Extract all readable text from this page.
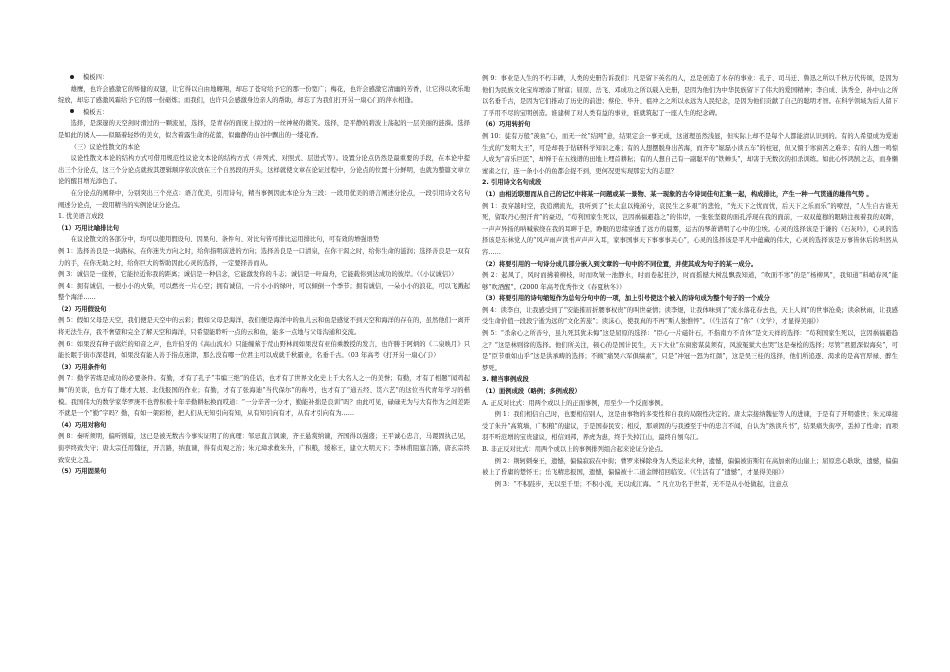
模板四：

雄鹰，也许会感激它的矫健的双翅，让它得以自由地翱翔，却忘了苍穹给予它的那一份宽广；梅花，也许会感激它清幽的芳香，让它得以欢乐地绽放，却忘了感激风霜给予它的那一份砺炼；而我们，也许只会感激身边亲人的帮助，却忘了为我们打开另一扇心门的萍水相逢。

模板五：

选择，是深邃的天空剑时滑过的一颗流星，选择，是青春的面庞上掠过的一丝神秘的微笑。选择，是平静的碧波上荡起的一层美丽的涟漪。选择是如此的诱人——似隔着轻纱的美女，似含着露生命的花蕾，似幽静的山谷中飘出的一缕花香。

（三）议论性散文的本论

议论性散文本论的结构方式可借用规范性议论文本论的结构方式（并列式、对照式、层进式等）。设置分论点仍然是最重要的手段，在本论中提出三个分论点，这三个分论点就按其逻辑顺序依次放在三个自然段的开头，这样就使文章在论证过程中，分论点的位置十分鲜明，也就为整篇文章立论的醒目增光添色了。

在分论点的阐释中，分别突出三个亮点：语言优美，引用诗句，精当事例因此本论分为三段：一段用优美的语言阐述分论点，一段引用诗文名句阐述分论点，一段用精当的实例论证分论点。

1. 优美语言成段

（1）巧用比喻排比句

在议论散文的各部分中，均可以使用假设句、因果句、条件句、对比句皆可排比运用排比句，可有效的增强语势

例 1：选择善良是一块路标，在你迷失方向之时，给你指明前进的方向；选择善良是一口清泉，在你干渴之时，给你生命的滋润；选择善良是一双有力的手，在你无助之时，给你巨大的帮助因此心灵的选择，一定要择善而从。

例 3：诚信是一座桥，它能拉近你我的距离；诚信是一种信念，它能激发你的斗志；诚信是一叶扁舟，它能载你到达成功的彼岸。（《小议诚信》）

例 4：拥有诚信，一根小小的火柴，可以燃亮一片心空；拥有诚信，一片小小的绿叶，可以倾倒一个季节；拥有诚信，一朵小小的浪花，可以飞溅起整个海洋……

（2）巧用假设句

例 5：假如父母是天空，我们便是天空中的云彩；假如父母是海洋，我们便是海洋中的鱼儿云和鱼是感觉不到天空和海洋的存在的，虽然他们一离开将无法生存，我不奢望和完全了解天空和海洋，只希望能聆听一点的云和鱼，能多一点地与父母沟通和交流。

例 6：如果没有种子腐烂的知音之声，也许伯牙的《高山流水》只能缠萦于荒山野林间如果没有亚伯乘教授的发言，也许勝于阿炳的《二泉映月》只能长眠于街市深巷间，如果没有能人善于指点迷津，那么没有哪一位君主可以成就千秋霸业，名垂千古。（03 年高考《打开另一扇心门》）

（3）巧用条件句

例 7：勤学苦练是成功的必要条件。有勤，才有了孔子“韦编三绝”的佳话，也才有了世界文化史上千大名人之一的美誉；有勤，才有了相题“闻鸡起舞”的美谈，也方有了雄才大展、北伐报国的作业；有勤，才有了张海迪“当代保尔”的称号，也才有了“通五经、贯六艺”的这位当代青年学习的楷模。我国伟大的数学家华罗庚不也曾积极十年辛勤耕耘换而哎道：“一分辛苦一分才，勤能补拙是良训”吗？由此可见，碌碌无为与大有作为之间差距不就是一个“勤”字吗？勤，有如一架彩桥，把人们从无知引向有知，从有知引向有才，从有才引向有为……

（4）巧用对称句

例 8：秦听须明，偏听则暗，这已是被无数古今事实证明了的真理：邹忌直言讽谏，齐王悬赏纳谏，齐国得以强盛；王平诚心忠言，马谡固执己见，街亭终致失守；唐太宗任用魏征，开言路，纳直谏，得有贞观之治；朱元璋求救朱升，广积粮，缓称王，建立大明天下；李林甫阻塞言路，唐玄宗终致安史之乱。

（5）巧用固果句

例 9：事业是人生的不朽丰碑，人类的史册告诉我们：凡是留下英名的人，总是创造了水存的事业：孔子、司马迁、鲁迅之所以千秋万代传颂，是因为他们为民族文化宝库增添了财富；屈原、岳飞、邓成功之所以载入史册，是因为他们为中华民族留下了伟大的爱国精神；李自成、洪秀全、孙中山之所以名垂千古，是因为它们推动了历史的前进；蔡伦、毕升、祖冲之之所以永远为人民纪念，是因为他们贡献了自己的聪明才智。在科学领域为后人留下了孚用不尽的宝明创造。谁建树了对人类有益的事业，谁就筑起了一座人生的纪念碑。

（6）巧用转折句

例 10：徒有万般“羡鱼”心，而无一丝“结网”意，结果定会一事无成，这道理虽然浅显，但实际上却不是每个人都能清认识到的。有的人希望成为爱迪生式的“发明大王”，可是却畏于钻研科学知识之难；有的人想摆脱身出苦海，而齐专“堀磊小读五车”的柱冠，但又慑于寒窗苦之难辛；有的人想一鸣惊人成为“音乐巨匠”，却惮于在五线谱的田地上埋首耕耘；有的人想自己有一副聪平的“铁蝉头”，却害于无数次的扣杀训练。如此心怀鸿鹄之志，而身懒蜜雀之行，连一条小小的鱼都会捉不到，更何况更实现那宏大的志愿？

2. 引用诗文名句成段

（1）由相近联想而从自己的记忆中将某一问题或某一景物、某一现象的古今诗词佳句汇集一起，构成排比，产生一种一气贯通的雄伟气势 。

例 1：我穿越时空，我追溯流光，我听到了“长太息以掩涕兮，哀民生之多艰”的悲怆，“先天下之忧而忧，后天下之乐而乐”的嘹涅，“人生自古谁无死，留取丹心照汗青”的豪迈，“苟利国家生死以，岂因祸福避趋之”的伟岸，一张张坚毅的面孔浮现在我的面前，一双双蕴穆的眼睛注视着我的双眸，一声声异扬的呐喊萦绕在我的耳畔于是，睁眼的思绪穿透了远方的晨雾，运古的琴萧谱明了心中的尘埃。心灵的选择该是于谦的《石灰吟》，心灵的选择该是东林党人的“风声雨声读书声声声入耳，家事国事天下事事事关心”，心灵的选择该是平凡中蕴藏的伟大，心灵的选择该是万事皆休后的坦然从容……

（2）将要引用的一句诗分成几部分嵌入到文章的一句中的不同位置，并使其成为句子的某一成分。

例 2：起风了，风时而拂着柳枝，时而吹皱一池静水，时而卷起狂沙，时而摇撼大树乱飘我知道，“吹面不寒”的是“杨柳风”，我知道“料峭春风”能够“吹酒醒”。(2000 年高考优秀作文《春夏秋冬》）

（3）将要引用的诗句缩短作为总句分句中的一项，加上引号使这个被入的诗句成为整个句子的一个成分

例 4：读李白，让我感受到了“安能摧眉折腰事权贵”的叫世豪情；读李煜，让我体味到了“流水落花春去也，天上人间”的世事沧桑；读余秋雨，让我感受生命价值一段段宁逝为远的“文化苦旅”；读沫心，使我真的不再“斯人独憔悴”。（《生活有了“你”（文学），才显得美丽》）

例 5：“杀余心之所善兮，虽九死其犹未悔”这是屈原的选择：“臣心一片磁针石，不指南方不肯休”是文天祥的选择：“苟利国家生死以，岂因祸福避趋之？”这是林则徐的选择。他们所关注，顿心的是国计民生，天下大业“东窗密谋莫须有，风波冤狱大也哭”这是秦桧的选择；尽管“君愿深似海矣”，可是“臣节重如山乎”这是洪承畴的选择；不顾“痛哭六军俱缟素”，只是“冲冠一怒为红颜”，这是吴三桂的选择，他们所追逐、渴求的是高官厚禄、醉生梦死。

3. 精当事例成段

（1）面例成段（略例；多例成段）

A. 正反对比式：用两个或以上的正面事例，用至少一个反面事例。

例 1：我们相信自己时，也要相信别人，这是由事物的多变性和自我的局限性决定的。唐太宗接纳魏征等人的进谏，于是有了开明盛世；朱元璋接受了朱升“高筑墙，广积粮”的建议，于是国泰民安；相反，那顽固的与我遵至于中的忠言不闻，自认为“熟读兵书”，结果痛失街亭，丢掉了性命；而项羽不听范增的宝贵建议，相信刘邦，养虎为患，终于失掉江山，最终自刎乌江。

B. 非正反对比式：用两个或以上的事例排列组合起来论证分论点。

例 2：荆轲刺秦王，遗憾，偏偏寂寂在中街；曹罗来梯除身为人类运来火种，遗憾，偏偏被宙斯钉在高加索的山崖上；屈原忠心耿耿，遗憾，偏偏被上了昏庸的楚怀王；岳飞精忠报国，遗憾，偏偏被十二道金牌招回临安。（《生活有了“遗憾”，才显得美丽》）

例 3：“不积跬步，无以至千里；不积小流，无以成江海。 ” 凡立功名于世者，无不是从小处做起，注意点
